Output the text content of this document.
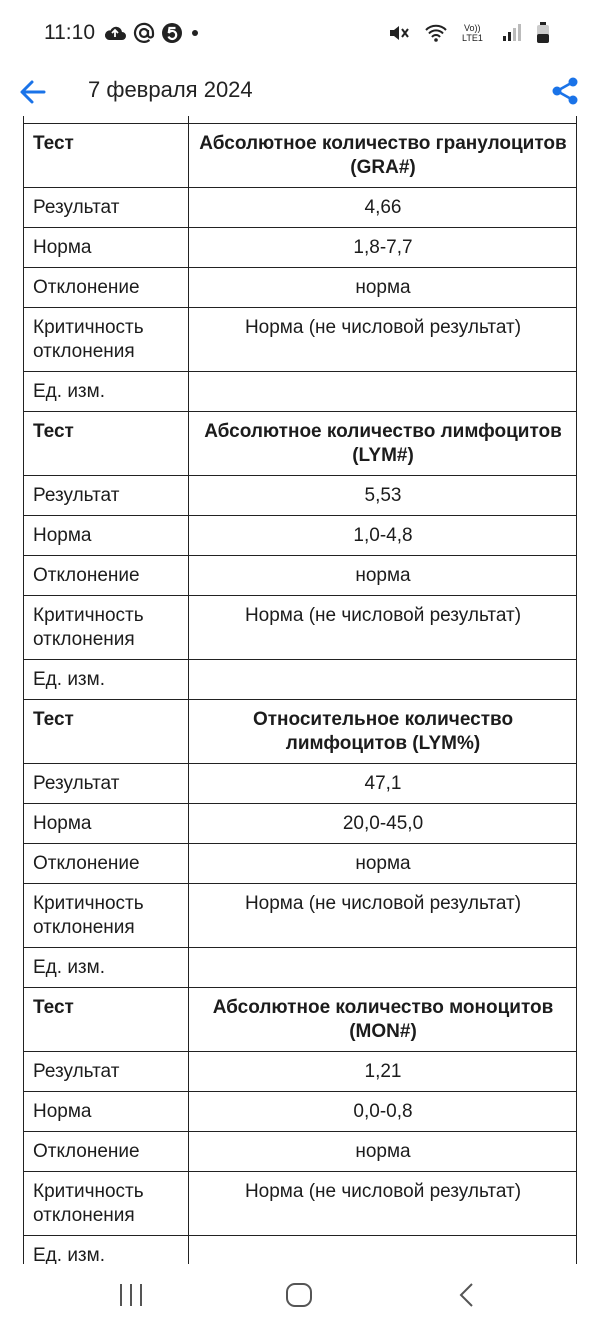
11:10	Vo))
LTE1
7 февраля 2024

Тест	Абсолютное количество гранулоцитов (GRA#)
Результат	4,66
Норма	1,8-7,7
Отклонение	норма
Критичность отклонения	Норма (не числовой результат)
Ед. изм.	
Тест	Абсолютное количество лимфоцитов (LYM#)
Результат	5,53
Норма	1,0-4,8
Отклонение	норма
Критичность отклонения	Норма (не числовой результат)
Ед. изм.	
Тест	Относительное количество лимфоцитов (LYM%)
Результат	47,1
Норма	20,0-45,0
Отклонение	норма
Критичность отклонения	Норма (не числовой результат)
Ед. изм.	
Тест	Абсолютное количество моноцитов (MON#)
Результат	1,21
Норма	0,0-0,8
Отклонение	норма
Критичность отклонения	Норма (не числовой результат)
Ед. изм.	
